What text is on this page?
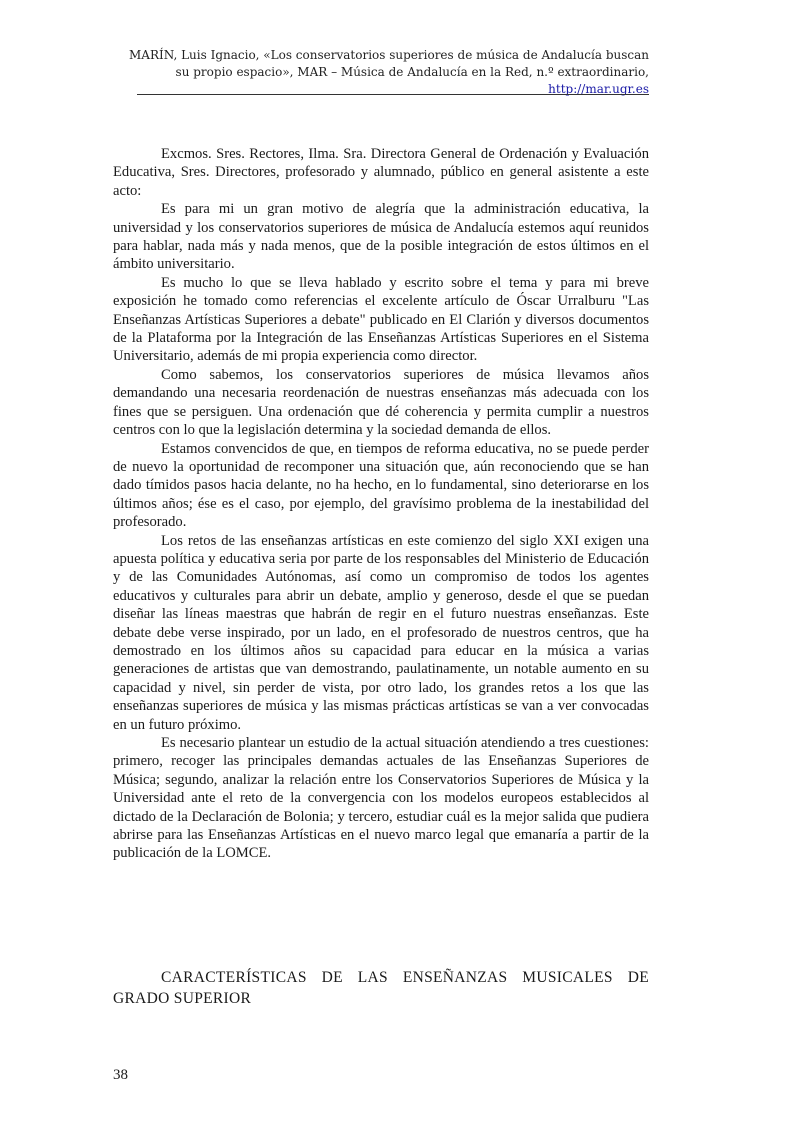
MARÍN, Luis Ignacio, «Los conservatorios superiores de música de Andalucía buscan su propio espacio», MAR – Música de Andalucía en la Red, n.º extraordinario, http://mar.ugr.es

Excmos. Sres. Rectores, Ilma. Sra. Directora General de Ordenación y Evaluación Educativa, Sres. Directores, profesorado y alumnado, público en general asistente a este acto:

Es para mi un gran motivo de alegría que la administración educativa, la universidad y los conservatorios superiores de música de Andalucía estemos aquí reunidos para hablar, nada más y nada menos, que de la posible integración de estos últimos en el ámbito universitario.

Es mucho lo que se lleva hablado y escrito sobre el tema y para mi breve exposición he tomado como referencias el excelente artículo de Óscar Urralburu "Las Enseñanzas Artísticas Superiores a debate" publicado en El Clarión y diversos documentos de la Plataforma por la Integración de las Enseñanzas Artísticas Superiores en el Sistema Universitario, además de mi propia experiencia como director.

Como sabemos, los conservatorios superiores de música llevamos años demandando una necesaria reordenación de nuestras enseñanzas más adecuada con los fines que se persiguen. Una ordenación que dé coherencia y permita cumplir a nuestros centros con lo que la legislación determina y la sociedad demanda de ellos.

Estamos convencidos de que, en tiempos de reforma educativa, no se puede perder de nuevo la oportunidad de recomponer una situación que, aún reconociendo que se han dado tímidos pasos hacia delante, no ha hecho, en lo fundamental, sino deteriorarse en los últimos años; ése es el caso, por ejemplo, del gravísimo problema de la inestabilidad del profesorado.

Los retos de las enseñanzas artísticas en este comienzo del siglo XXI exigen una apuesta política y educativa seria por parte de los responsables del Ministerio de Educación y de las Comunidades Autónomas, así como un compromiso de todos los agentes educativos y culturales para abrir un debate, amplio y generoso, desde el que se puedan diseñar las líneas maestras que habrán de regir en el futuro nuestras enseñanzas. Este debate debe verse inspirado, por un lado, en el profesorado de nuestros centros, que ha demostrado en los últimos años su capacidad para educar en la música a varias generaciones de artistas que van demostrando, paulatinamente, un notable aumento en su capacidad y nivel, sin perder de vista, por otro lado, los grandes retos a los que las enseñanzas superiores de música y las mismas prácticas artísticas se van a ver convocadas en un futuro próximo.

Es necesario plantear un estudio de la actual situación atendiendo a tres cuestiones: primero, recoger las principales demandas actuales de las Enseñanzas Superiores de Música; segundo, analizar la relación entre los Conservatorios Superiores de Música y la Universidad ante el reto de la convergencia con los modelos europeos establecidos al dictado de la Declaración de Bolonia; y tercero, estudiar cuál es la mejor salida que pudiera abrirse para las Enseñanzas Artísticas en el nuevo marco legal que emanaría a partir de la publicación de la LOMCE.

CARACTERÍSTICAS DE LAS ENSEÑANZAS MUSICALES DE GRADO SUPERIOR
38
